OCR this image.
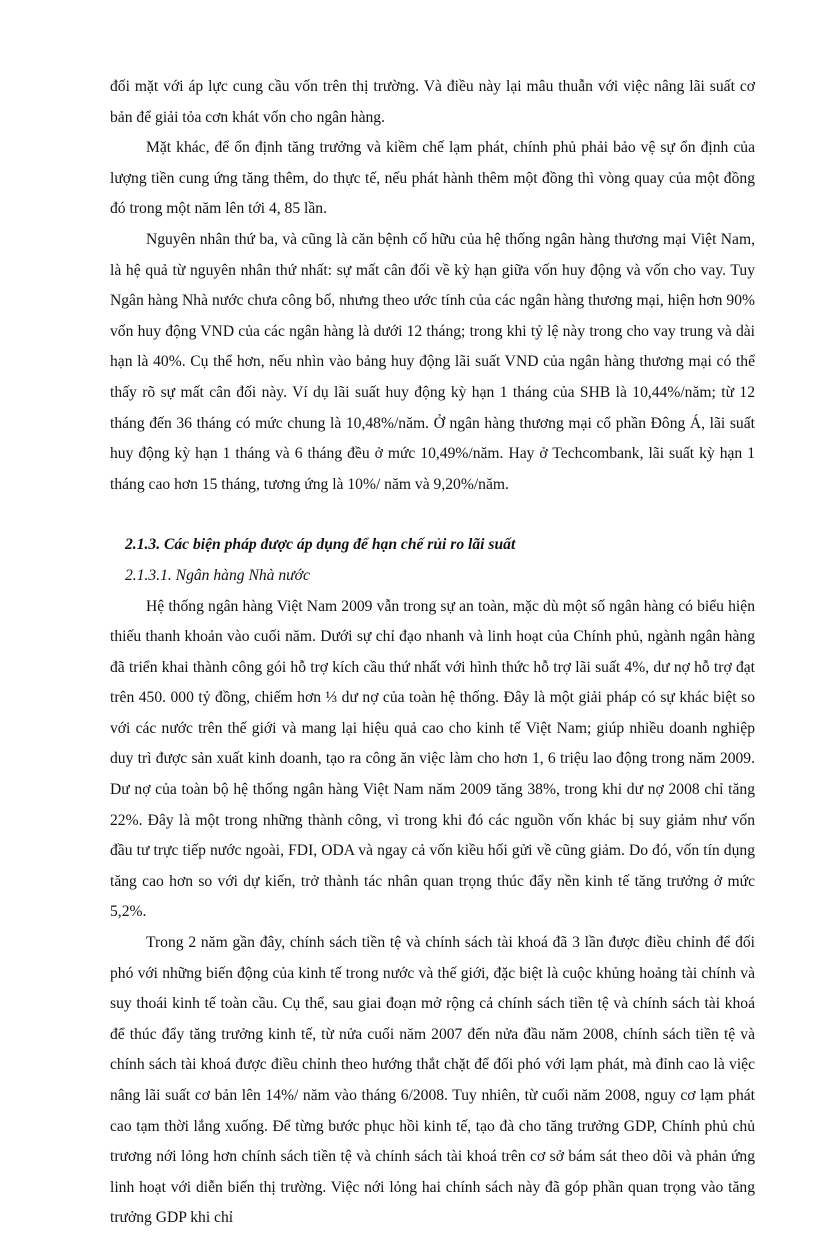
đối mặt với áp lực cung cầu vốn trên thị trường. Và điều này lại mâu thuẫn với việc nâng lãi suất cơ bản để giải tỏa cơn khát vốn cho ngân hàng.

Mặt khác, để ổn định tăng trưởng và kiềm chế lạm phát, chính phủ phải bảo vệ sự ổn định của lượng tiền cung ứng tăng thêm, do thực tế, nếu phát hành thêm một đồng thì vòng quay của một đồng đó trong một năm lên tới 4, 85 lần.

Nguyên nhân thứ ba, và cũng là căn bệnh cố hữu của hệ thống ngân hàng thương mại Việt Nam, là hệ quả từ nguyên nhân thứ nhất: sự mất cân đối về kỳ hạn giữa vốn huy động và vốn cho vay. Tuy Ngân hàng Nhà nước chưa công bố, nhưng theo ước tính của các ngân hàng thương mại, hiện hơn 90% vốn huy động VND của các ngân hàng là dưới 12 tháng; trong khi tỷ lệ này trong cho vay trung và dài hạn là 40%. Cụ thể hơn, nếu nhìn vào bảng huy động lãi suất VND của ngân hàng thương mại có thể thấy rõ sự mất cân đối này. Ví dụ lãi suất huy động kỳ hạn 1 tháng của SHB là 10,44%/năm; từ 12 tháng đến 36 tháng có mức chung là 10,48%/năm. Ở ngân hàng thương mại cổ phần Đông Á, lãi suất huy động kỳ hạn 1 tháng và 6 tháng đều ở mức 10,49%/năm. Hay ở Techcombank, lãi suất kỳ hạn 1 tháng cao hơn 15 tháng, tương ứng là 10%/ năm và 9,20%/năm.

2.1.3. Các biện pháp được áp dụng để hạn chế rủi ro lãi suất

2.1.3.1. Ngân hàng Nhà nước

Hệ thống ngân hàng Việt Nam 2009 vẫn trong sự an toàn, mặc dù một số ngân hàng có biểu hiện thiếu thanh khoản vào cuối năm. Dưới sự chỉ đạo nhanh và linh hoạt của Chính phủ, ngành ngân hàng đã triển khai thành công gói hỗ trợ kích cầu thứ nhất với hình thức hỗ trợ lãi suất 4%, dư nợ hỗ trợ đạt trên 450. 000 tỷ đồng, chiếm hơn ⅓ dư nợ của toàn hệ thống. Đây là một giải pháp có sự khác biệt so với các nước trên thế giới và mang lại hiệu quả cao cho kinh tế Việt Nam; giúp nhiều doanh nghiệp duy trì được sản xuất kinh doanh, tạo ra công ăn việc làm cho hơn 1, 6 triệu lao động trong năm 2009. Dư nợ của toàn bộ hệ thống ngân hàng Việt Nam năm 2009 tăng 38%, trong khi dư nợ 2008 chỉ tăng 22%. Đây là một trong những thành công, vì trong khi đó các nguồn vốn khác bị suy giảm như vốn đầu tư trực tiếp nước ngoài, FDI, ODA và ngay cả vốn kiều hối gửi về cũng giảm. Do đó, vốn tín dụng tăng cao hơn so với dự kiến, trở thành tác nhân quan trọng thúc đẩy nền kinh tế tăng trưởng ở mức 5,2%.

Trong 2 năm gần đây, chính sách tiền tệ và chính sách tài khoá đã 3 lần được điều chỉnh để đối phó với những biến động của kinh tế trong nước và thế giới, đặc biệt là cuộc khủng hoảng tài chính và suy thoái kinh tế toàn cầu. Cụ thể, sau giai đoạn mở rộng cả chính sách tiền tệ và chính sách tài khoá để thúc đẩy tăng trưởng kinh tế, từ nửa cuối năm 2007 đến nửa đầu năm 2008, chính sách tiền tệ và chính sách tài khoá được điều chỉnh theo hướng thắt chặt để đối phó với lạm phát, mà đỉnh cao là việc nâng lãi suất cơ bản lên 14%/ năm vào tháng 6/2008. Tuy nhiên, từ cuối năm 2008, nguy cơ lạm phát cao tạm thời lắng xuống. Để từng bước phục hồi kinh tế, tạo đà cho tăng trưởng GDP, Chính phủ chủ trương nới lỏng hơn chính sách tiền tệ và chính sách tài khoá trên cơ sở bám sát theo dõi và phản ứng linh hoạt với diễn biến thị trường. Việc nới lỏng hai chính sách này đã góp phần quan trọng vào tăng trưởng GDP khi chỉ
